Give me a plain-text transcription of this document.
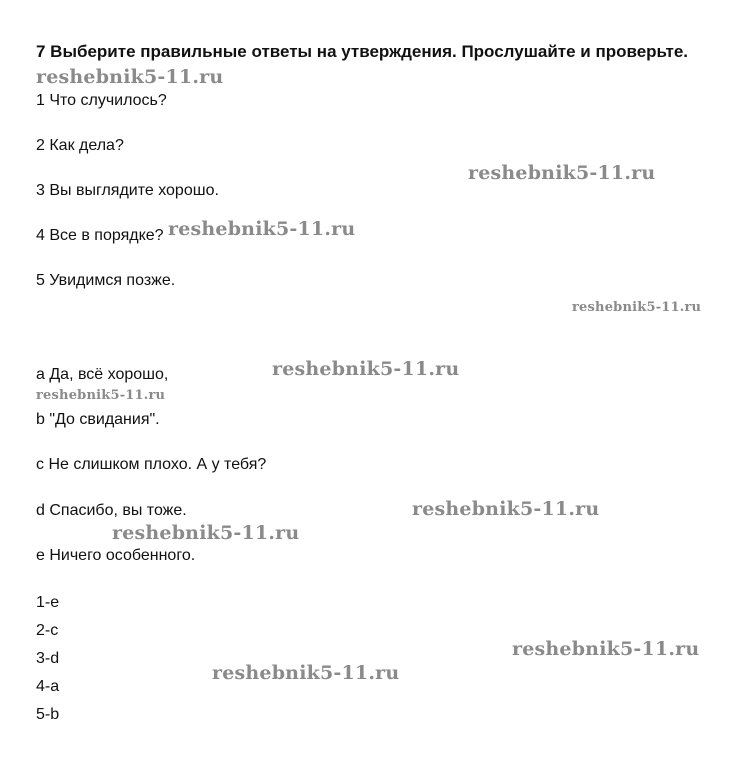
7 Выберите правильные ответы на утверждения. Прослушайте и проверьте.
1 Что случилось?
2 Как дела?
3 Вы выглядите хорошо.
4 Все в порядке?
5 Увидимся позже.
a Да, всё хорошо,
b "До свидания".
c Не слишком плохо. А у тебя?
d Спасибо, вы тоже.
e Ничего особенного.
1-e
2-c
3-d
4-a
5-b
reshebnik5-11.ru
reshebnik5-11.ru
reshebnik5-11.ru
reshebnik5-11.ru
reshebnik5-11.ru
reshebnik5-11.ru
reshebnik5-11.ru
reshebnik5-11.ru
reshebnik5-11.ru
reshebnik5-11.ru
